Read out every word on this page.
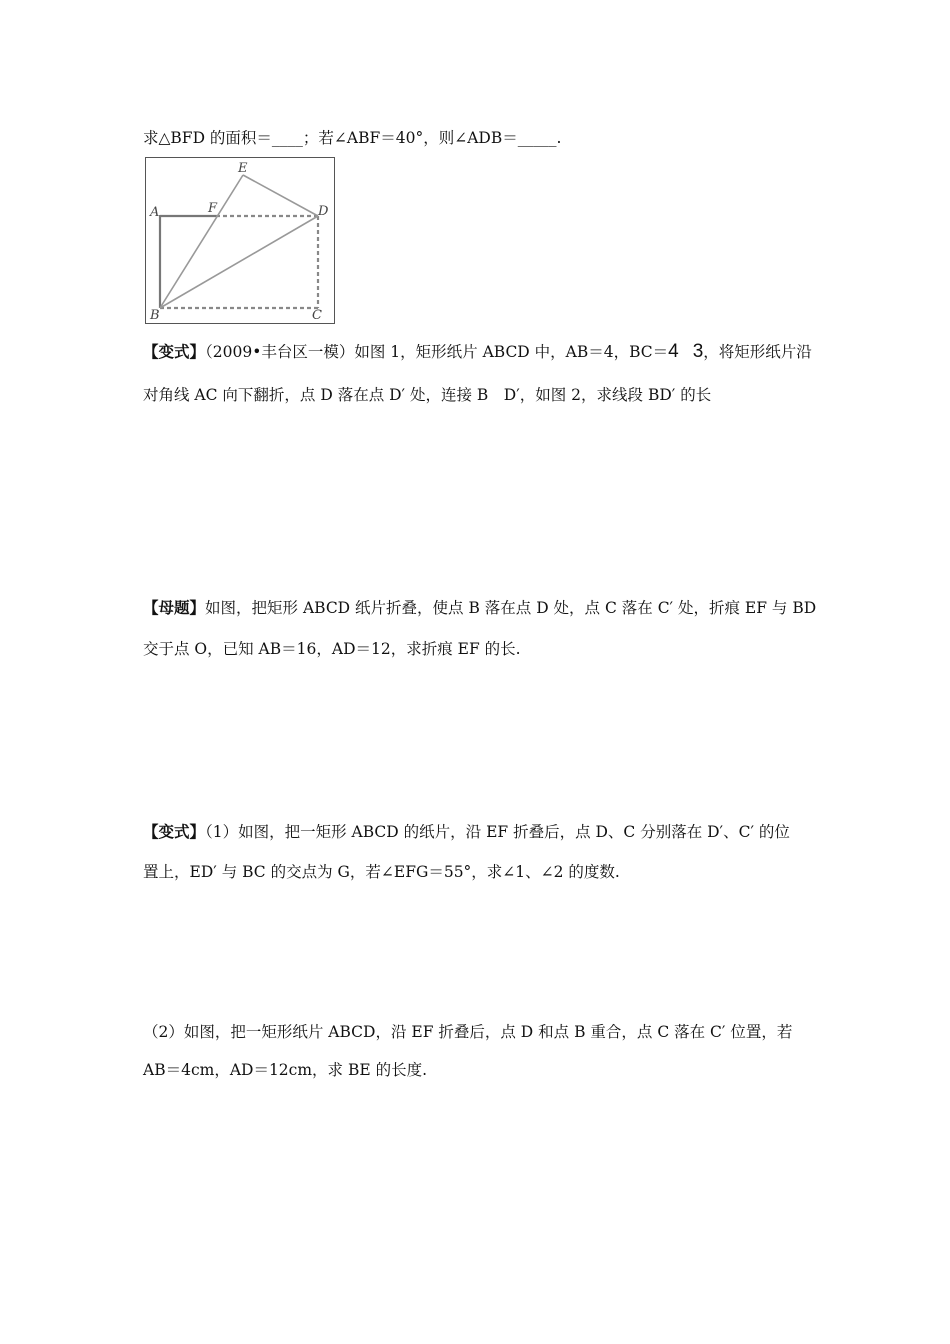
求△BFD 的面积＝____；若∠ABF＝40°，则∠ADB＝_____.
A
B	C
D
E
F
【变式】（2009•丰台区一模）如图 1，矩形纸片 ABCD 中，AB＝4，BC＝4 3，将矩形纸片沿
对角线 AC 向下翻折，点 D 落在点 D′ 处，连接 B　D′，如图 2，求线段 BD′ 的长
【母题】如图，把矩形 ABCD 纸片折叠，使点 B 落在点 D 处，点 C 落在 C′ 处，折痕 EF 与 BD
交于点 O，已知 AB＝16，AD＝12，求折痕 EF 的长.
【变式】（1）如图，把一矩形 ABCD 的纸片，沿 EF 折叠后，点 D、C 分别落在 D′、C′ 的位
置上，ED′ 与 BC 的交点为 G，若∠EFG＝55°，求∠1、∠2 的度数.
（2）如图，把一矩形纸片 ABCD，沿 EF 折叠后，点 D 和点 B 重合，点 C 落在 C′ 位置，若
AB＝4cm，AD＝12cm，求 BE 的长度.
